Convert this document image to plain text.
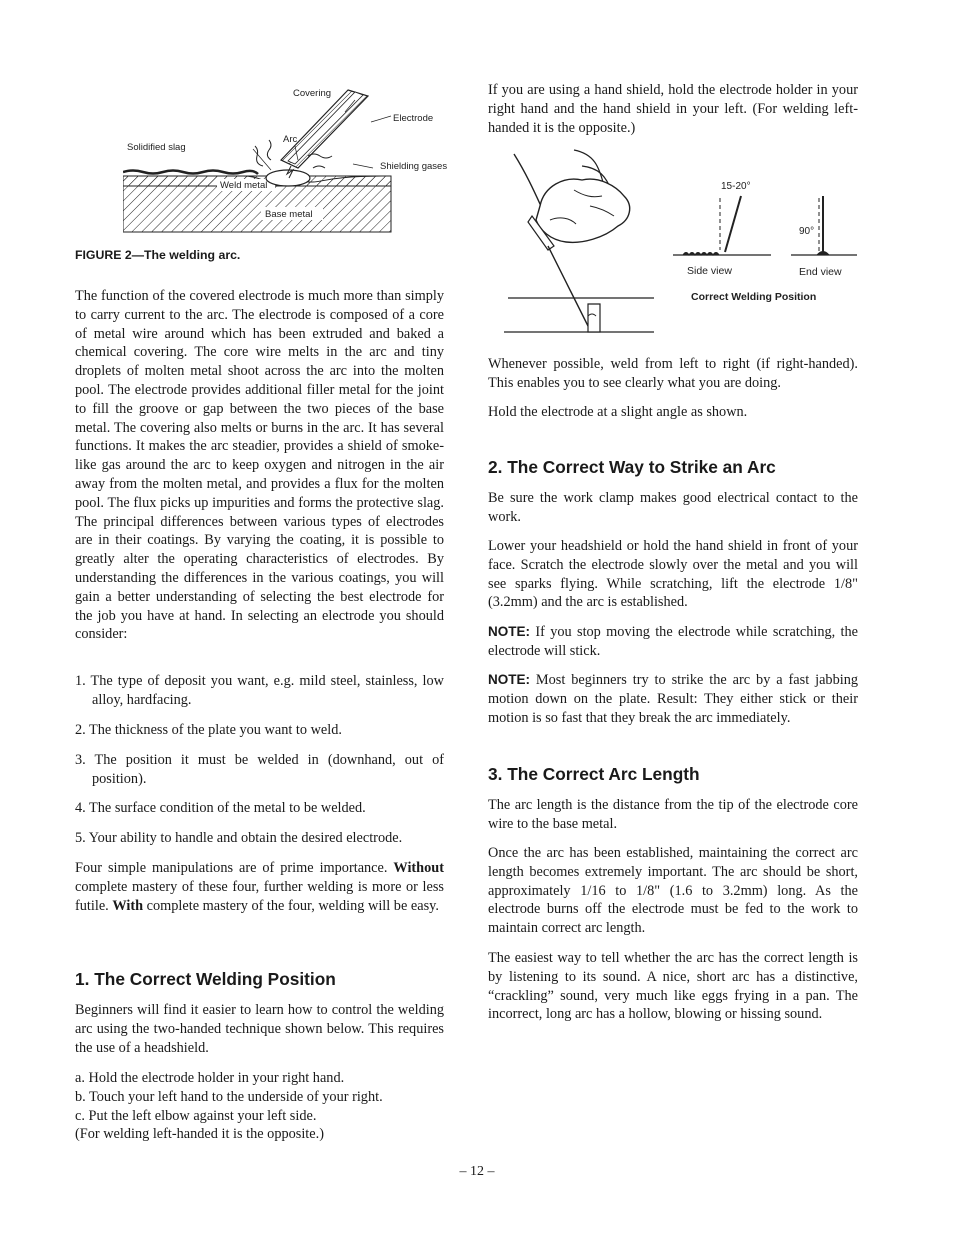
Covering
Electrode
Arc
Solidified slag
Shielding gases
Weld metal
Base metal
FIGURE 2—The welding arc.

The function of the covered electrode is much more than simply to carry current to the arc. The electrode is composed of a core of metal wire around which has been extruded and baked a chemical covering. The core wire melts in the arc and tiny droplets of molten metal shoot across the arc into the molten pool. The electrode provides additional filler metal for the joint to fill the groove or gap between the two pieces of the base metal. The covering also melts or burns in the arc. It has several functions. It makes the arc steadier, provides a shield of smoke-like gas around the arc to keep oxygen and nitrogen in the air away from the molten metal, and provides a flux for the molten pool. The flux picks up impurities and forms the protective slag. The principal differences between various types of electrodes are in their coatings. By varying the coating, it is possible to greatly alter the operating characteristics of electrodes. By understanding the differences in the various coatings, you will gain a better understanding of selecting the best electrode for the job you have at hand. In selecting an electrode you should consider:

1. The type of deposit you want, e.g. mild steel, stainless, low alloy, hardfacing.
2. The thickness of the plate you want to weld.
3. The position it must be welded in (downhand, out of position).
4. The surface condition of the metal to be welded.
5. Your ability to handle and obtain the desired electrode.

Four simple manipulations are of prime importance. Without complete mastery of these four, further welding is more or less futile. With complete mastery of the four, welding will be easy.

1. The Correct Welding Position

Beginners will find it easier to learn how to control the welding arc using the two-handed technique shown below. This requires the use of a headshield.

a. Hold the electrode holder in your right hand.

b. Touch your left hand to the underside of your right.

c. Put the left elbow against your left side.

(For welding left-handed it is the opposite.)

If you are using a hand shield, hold the electrode holder in your right hand and the hand shield in your left. (For welding left-handed it is the opposite.)

15-20°
Side view
90°
End view
Correct Welding Position

Whenever possible, weld from left to right (if right-handed). This enables you to see clearly what you are doing.

Hold the electrode at a slight angle as shown.

2. The Correct Way to Strike an Arc

Be sure the work clamp makes good electrical contact to the work.

Lower your headshield or hold the hand shield in front of your face. Scratch the electrode slowly over the metal and you will see sparks flying. While scratching, lift the electrode 1/8" (3.2mm) and the arc is established.

NOTE: If you stop moving the electrode while scratching, the electrode will stick.

NOTE: Most beginners try to strike the arc by a fast jabbing motion down on the plate. Result: They either stick or their motion is so fast that they break the arc immediately.

3. The Correct Arc Length

The arc length is the distance from the tip of the electrode core wire to the base metal.

Once the arc has been established, maintaining the correct arc length becomes extremely important. The arc should be short, approximately 1/16 to 1/8" (1.6 to 3.2mm) long. As the electrode burns off the electrode must be fed to the work to maintain correct arc length.

The easiest way to tell whether the arc has the correct length is by listening to its sound. A nice, short arc has a distinctive, “crackling” sound, very much like eggs frying in a pan. The incorrect, long arc has a hollow, blowing or hissing sound.

– 12 –
